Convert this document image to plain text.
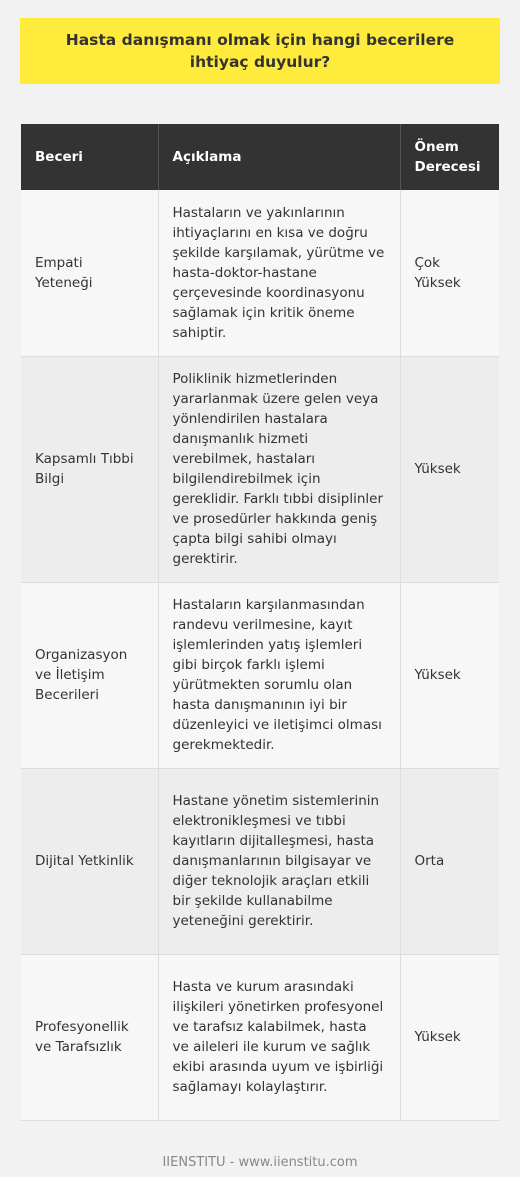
Hasta danışmanı olmak için hangi becerilere ihtiyaç duyulur?
Beceri	Açıklama	Önem Derecesi
Empati Yeteneği	Hastaların ve yakınlarının ihtiyaçlarını en kısa ve doğru şekilde karşılamak, yürütme ve hasta-doktor-hastane çerçevesinde koordinasyonu sağlamak için kritik öneme sahiptir.	Çok Yüksek
Kapsamlı Tıbbi Bilgi	Poliklinik hizmetlerinden yararlanmak üzere gelen veya yönlendirilen hastalara danışmanlık hizmeti verebilmek, hastaları bilgilendirebilmek için gereklidir. Farklı tıbbi disiplinler ve prosedürler hakkında geniş çapta bilgi sahibi olmayı gerektirir.	Yüksek
Organizasyon ve İletişim Becerileri	Hastaların karşılanmasından randevu verilmesine, kayıt işlemlerinden yatış işlemleri gibi birçok farklı işlemi yürütmekten sorumlu olan hasta danışmanının iyi bir düzenleyici ve iletişimci olması gerekmektedir.	Yüksek
Dijital Yetkinlik	Hastane yönetim sistemlerinin elektronikleşmesi ve tıbbi kayıtların dijitalleşmesi, hasta danışmanlarının bilgisayar ve diğer teknolojik araçları etkili bir şekilde kullanabilme yeteneğini gerektirir.	Orta
Profesyonellik ve Tarafsızlık	Hasta ve kurum arasındaki ilişkileri yönetirken profesyonel ve tarafsız kalabilmek, hasta ve aileleri ile kurum ve sağlık ekibi arasında uyum ve işbirliği sağlamayı kolaylaştırır.	Yüksek
IIENSTITU - www.iienstitu.com
